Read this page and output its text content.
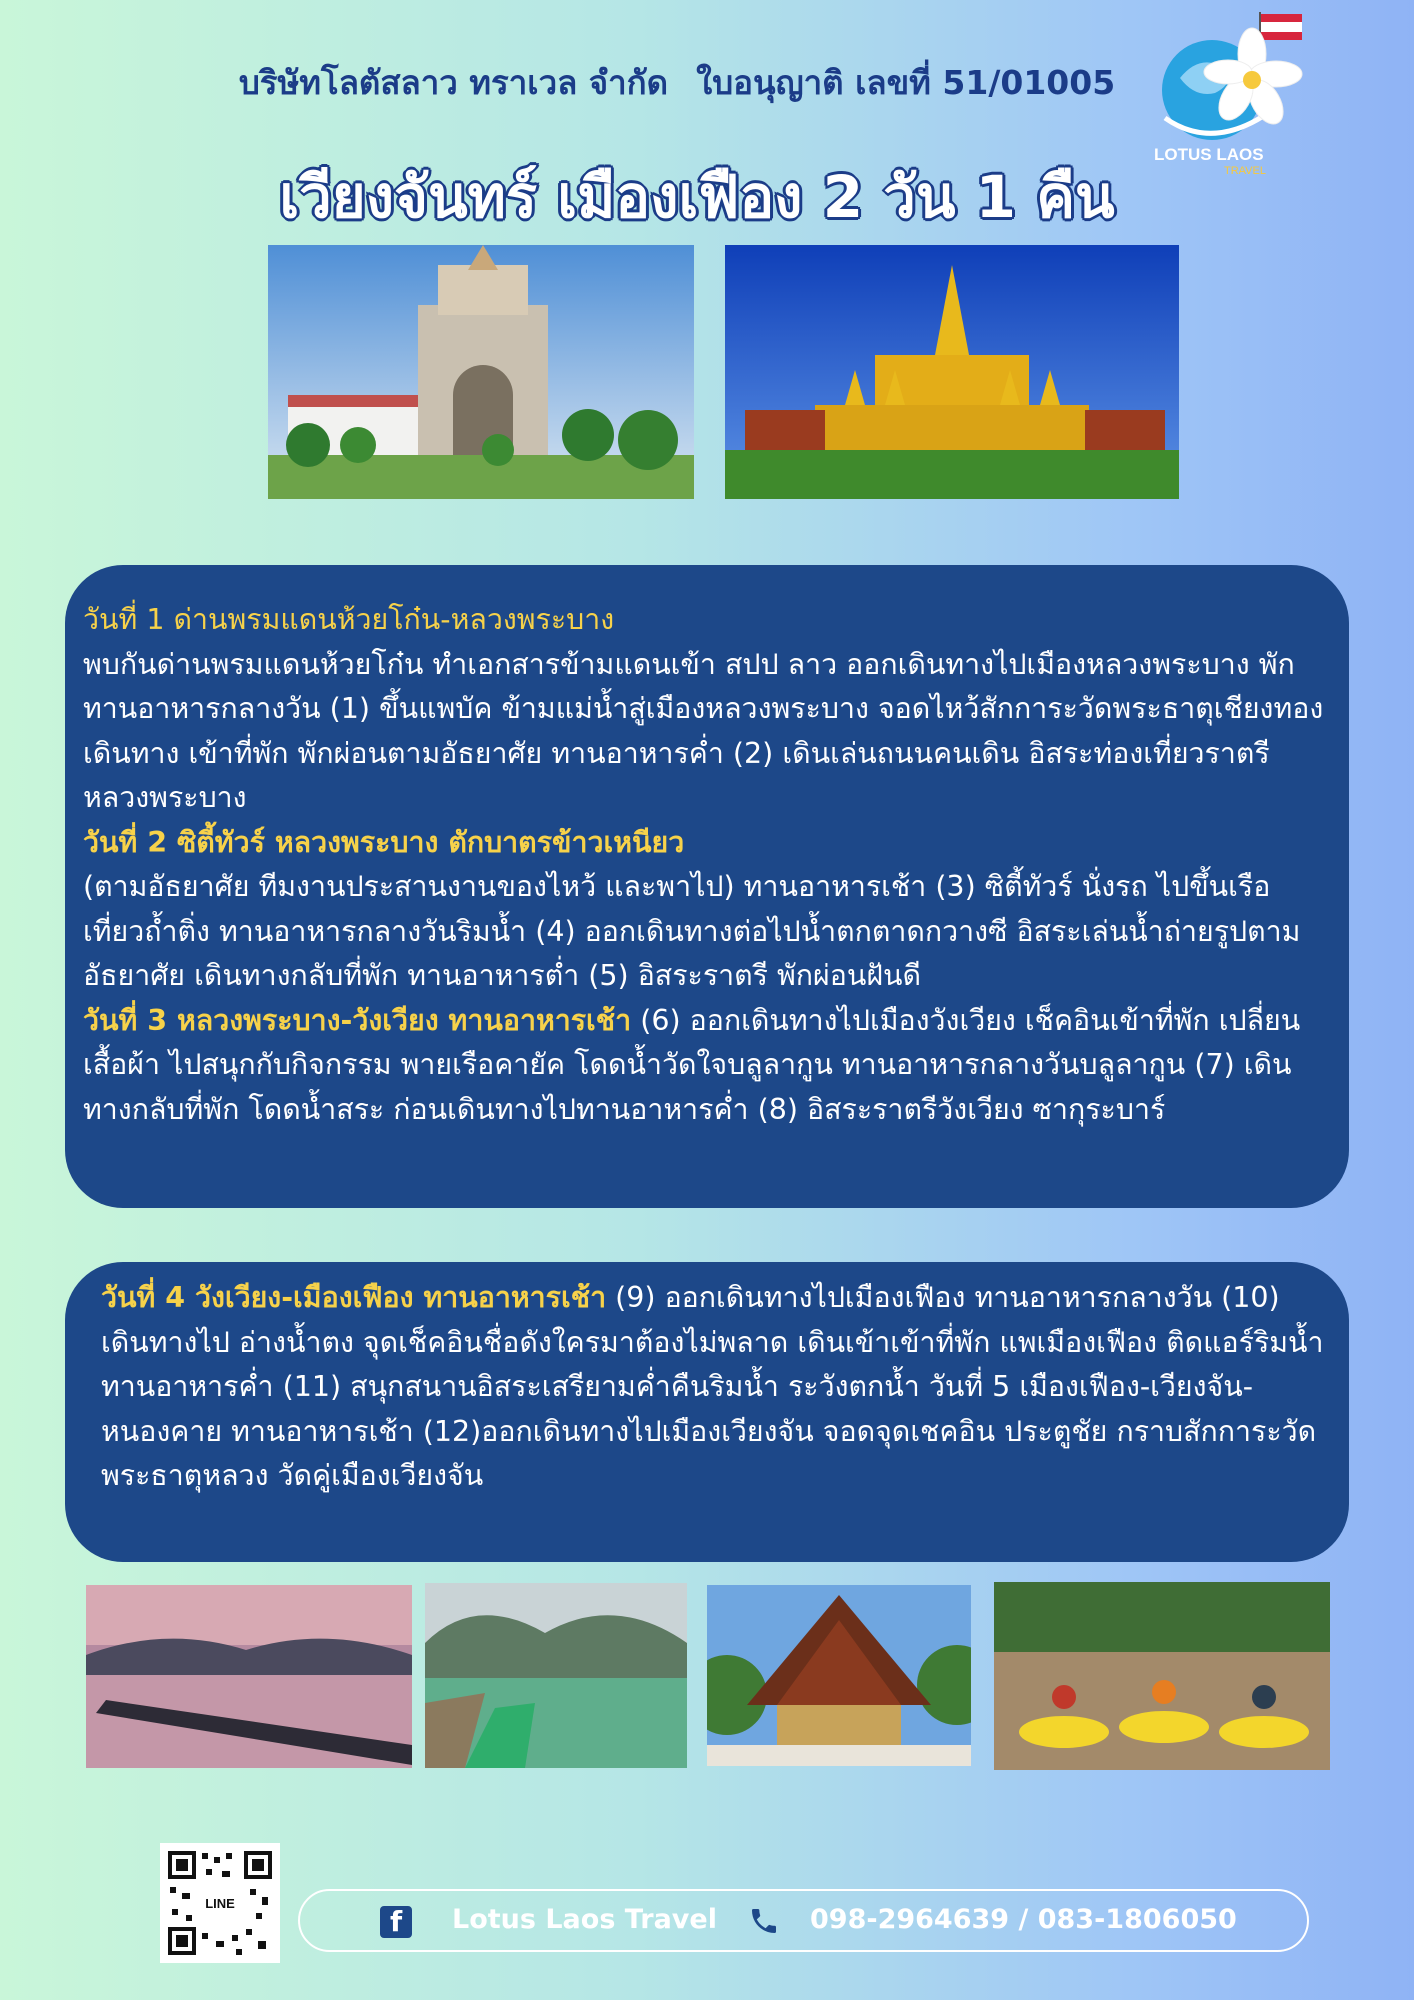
บริษัทโลตัสลาว ทราเวล จำกัด ใบอนุญาติ เลขที่ 51/01005
LOTUS LAOS
TRAVEL
เวียงจันทร์ เมืองเฟือง 2 วัน 1 คืน
วันที่ 1 ด่านพรมแดนห้วยโก๋น-หลวงพระบาง
พบกันด่านพรมแดนห้วยโก๋น ทำเอกสารข้ามแดนเข้า สปป ลาว ออกเดินทางไปเมืองหลวงพระบาง พักทานอาหารกลางวัน (1) ขึ้นแพบัค ข้ามแม่น้ำสู่เมืองหลวงพระบาง จอดไหว้สักการะวัดพระธาตุเชียงทอง เดินทาง เข้าที่พัก พักผ่อนตามอัธยาศัย ทานอาหารค่ำ (2) เดินเล่นถนนคนเดิน อิสระท่องเที่ยวราตรี หลวงพระบาง
วันที่ 2 ซิตี้ทัวร์ หลวงพระบาง ตักบาตรข้าวเหนียว
(ตามอัธยาศัย ทีมงานประสานงานของไหว้ และพาไป) ทานอาหารเช้า (3) ซิตี้ทัวร์ นั่งรถ ไปขึ้นเรือเที่ยวถ้ำติ่ง ทานอาหารกลางวันริมน้ำ (4) ออกเดินทางต่อไปน้ำตกตาดกวางซี อิสระเล่นน้ำถ่ายรูปตามอัธยาศัย เดินทางกลับที่พัก ทานอาหารต่ำ (5) อิสระราตรี พักผ่อนฝันดี
วันที่ 3 หลวงพระบาง-วังเวียง ทานอาหารเช้า (6) ออกเดินทางไปเมืองวังเวียง เช็คอินเข้าที่พัก เปลี่ยนเสื้อผ้า ไปสนุกกับกิจกรรม พายเรือคายัค โดดน้ำวัดใจบลูลากูน ทานอาหารกลางวันบลูลากูน (7) เดินทางกลับที่พัก โดดน้ำสระ ก่อนเดินทางไปทานอาหารค่ำ (8) อิสระราตรีวังเวียง ซากุระบาร์
วันที่ 4 วังเวียง-เมืองเฟือง ทานอาหารเช้า (9) ออกเดินทางไปเมืองเฟือง ทานอาหารกลางวัน (10) เดินทางไป อ่างน้ำตง จุดเช็คอินชื่อดังใครมาต้องไม่พลาด เดินเข้าเข้าที่พัก แพเมืองเฟือง ติดแอร์ริมน้ำ ทานอาหารค่ำ (11) สนุกสนานอิสระเสรียามค่ำคืนริมน้ำ ระวังตกน้ำ วันที่ 5 เมืองเฟือง-เวียงจัน-หนองคาย ทานอาหารเช้า (12)ออกเดินทางไปเมืองเวียงจัน จอดจุดเชคอิน ประตูชัย กราบสักการะวัดพระธาตุหลวง วัดคู่เมืองเวียงจัน
LINE
f Lotus Laos Travel	098-2964639 / 083-1806050
